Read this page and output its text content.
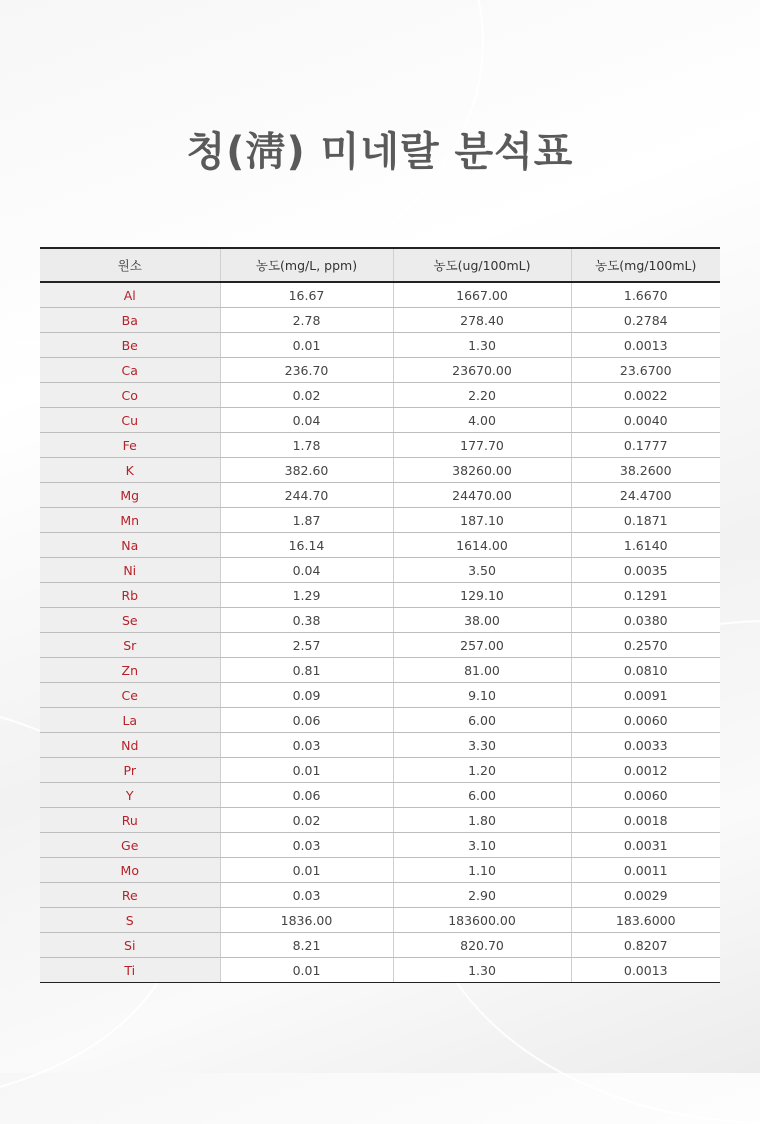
청(淸) 미네랄 분석표
원소	농도(mg/L, ppm)	농도(ug/100mL)	농도(mg/100mL)
Al	16.67	1667.00	1.6670
Ba	2.78	278.40	0.2784
Be	0.01	1.30	0.0013
Ca	236.70	23670.00	23.6700
Co	0.02	2.20	0.0022
Cu	0.04	4.00	0.0040
Fe	1.78	177.70	0.1777
K	382.60	38260.00	38.2600
Mg	244.70	24470.00	24.4700
Mn	1.87	187.10	0.1871
Na	16.14	1614.00	1.6140
Ni	0.04	3.50	0.0035
Rb	1.29	129.10	0.1291
Se	0.38	38.00	0.0380
Sr	2.57	257.00	0.2570
Zn	0.81	81.00	0.0810
Ce	0.09	9.10	0.0091
La	0.06	6.00	0.0060
Nd	0.03	3.30	0.0033
Pr	0.01	1.20	0.0012
Y	0.06	6.00	0.0060
Ru	0.02	1.80	0.0018
Ge	0.03	3.10	0.0031
Mo	0.01	1.10	0.0011
Re	0.03	2.90	0.0029
S	1836.00	183600.00	183.6000
Si	8.21	820.70	0.8207
Ti	0.01	1.30	0.0013
